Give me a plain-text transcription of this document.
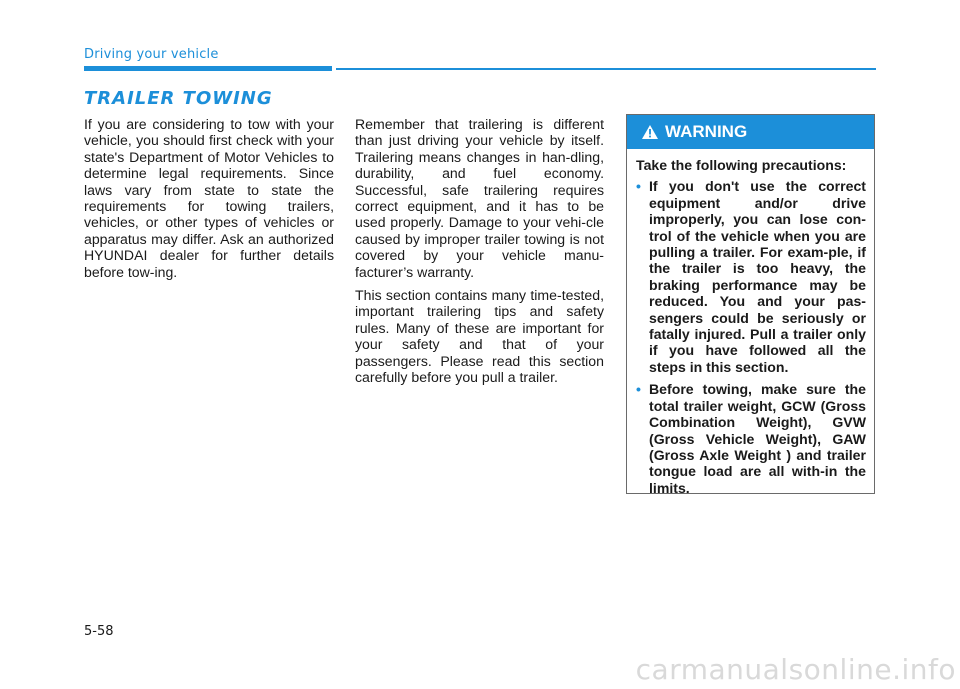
Driving your vehicle
TRAILER TOWING

If you are considering to tow with your vehicle, you should first check with your state's Department of Motor Vehicles to determine legal requirements. Since laws vary from state to state the requirements for towing trailers, vehicles, or other types of vehicles or apparatus may differ. Ask an authorized HYUNDAI dealer for further details before tow-ing.

Remember that trailering is different than just driving your vehicle by itself. Trailering means changes in han-dling, durability, and fuel economy. Successful, safe trailering requires correct equipment, and it has to be used properly. Damage to your vehi-cle caused by improper trailer towing is not covered by your vehicle manu-facturer’s warranty.

This section contains many time-tested, important trailering tips and safety rules. Many of these are important for your safety and that of your passengers. Please read this section carefully before you pull a trailer.

WARNING

Take the following precautions:

• If you don't use the correct equipment and/or drive improperly, you can lose con-trol of the vehicle when you are pulling a trailer. For exam-ple, if the trailer is too heavy, the braking performance may be reduced. You and your pas-sengers could be seriously or fatally injured. Pull a trailer only if you have followed all the steps in this section.
• Before towing, make sure the total trailer weight, GCW (Gross Combination Weight), GVW (Gross Vehicle Weight), GAW (Gross Axle Weight ) and trailer tongue load are all with-in the limits.
5-58
carmanualsonline.info
